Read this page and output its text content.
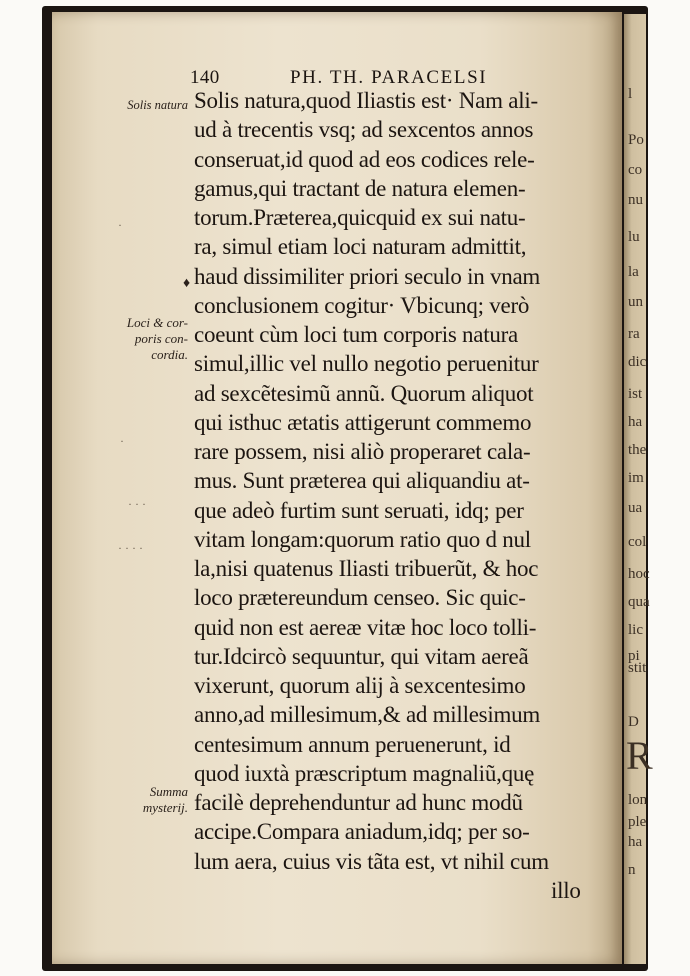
l
Po
co
nu
lu
la
un
ra
dic
ist
ha
the
im
ua
col
hoc
qua
lic
pi
stit
D
R
lon
ple
ha
n
140	PH. TH. PARACELSI
Solis natura
Loci & cor-
poris con-
cordia.
Summa
mysterij.
♦
·
· · ·
· · · ·
·
Solis natura,quod Iliastis est· Nam ali-
ud à trecentis vsq; ad sexcentos annos
conseruat,id quod ad eos codices rele-
gamus,qui tractant de natura elemen-
torum.Præterea,quicquid ex sui natu-
ra, simul etiam loci naturam admittit,
haud dissimiliter priori seculo in vnam
conclusionem cogitur· Vbicunq; verò
coeunt cùm loci tum corporis natura
simul,illic vel nullo negotio peruenitur
ad sexcẽtesimũ annũ. Quorum aliquot
qui isthuc ætatis attigerunt commemo
rare possem, nisi aliò properaret cala-
mus. Sunt præterea qui aliquandiu at-
que adeò furtim sunt seruati, idq; per
vitam longam:quorum ratio quo d nul
la,nisi quatenus Iliasti tribuerũt, & hoc
loco prætereundum censeo. Sic quic-
quid non est aereæ vitæ hoc loco tolli-
tur.Idcircò sequuntur, qui vitam aereã
vixerunt, quorum alij à sexcentesimo
anno,ad millesimum,& ad millesimum
centesimum annum peruenerunt, id
quod iuxtà præscriptum magnaliũ,quę
facilè deprehenduntur ad hunc modũ
accipe.Compara aniadum,idq; per so-
lum aera, cuius vis tãta est, vt nihil cum
illo
